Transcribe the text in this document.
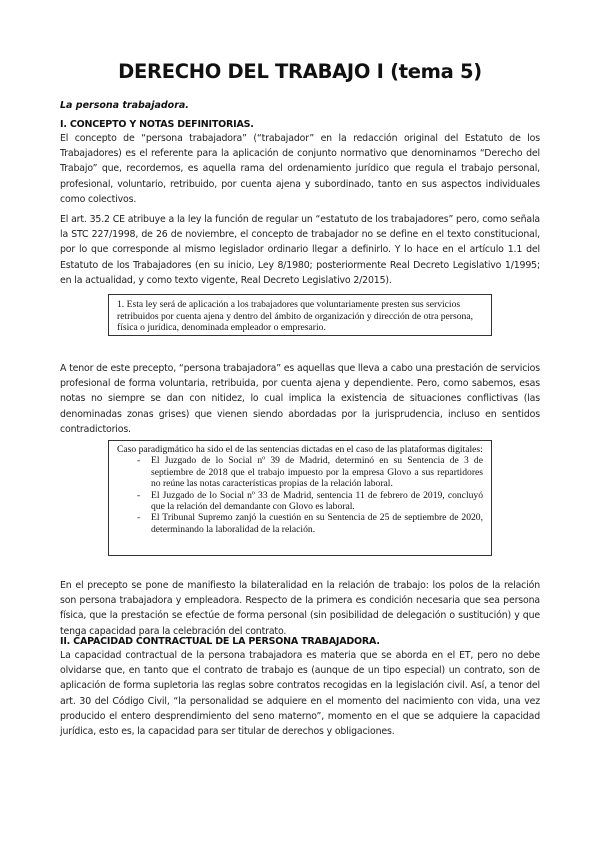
DERECHO DEL TRABAJO I (tema 5)
La persona trabajadora.
I. CONCEPTO Y NOTAS DEFINITORIAS.

El concepto de “persona trabajadora” (“trabajador” en la redacción original del Estatuto de los Trabajadores) es el referente para la aplicación de conjunto normativo que denominamos “Derecho del Trabajo” que, recordemos, es aquella rama del ordenamiento jurídico que regula el trabajo personal, profesional, voluntario, retribuido, por cuenta ajena y subordinado, tanto en sus aspectos individuales como colectivos.

El art. 35.2 CE atribuye a la ley la función de regular un “estatuto de los trabajadores” pero, como señala la STC 227/1998, de 26 de noviembre, el concepto de trabajador no se define en el texto constitucional, por lo que corresponde al mismo legislador ordinario llegar a definirlo. Y lo hace en el artículo 1.1 del Estatuto de los Trabajadores (en su inicio, Ley 8/1980; posteriormente Real Decreto Legislativo 1/1995; en la actualidad, y como texto vigente, Real Decreto Legislativo 2/2015).

1. Esta ley será de aplicación a los trabajadores que voluntariamente presten sus servicios retribuidos por cuenta ajena y dentro del ámbito de organización y dirección de otra persona, física o jurídica, denominada empleador o empresario.

A tenor de este precepto, “persona trabajadora” es aquellas que lleva a cabo una prestación de servicios profesional de forma voluntaria, retribuida, por cuenta ajena y dependiente. Pero, como sabemos, esas notas no siempre se dan con nitidez, lo cual implica la existencia de situaciones conflictivas (las denominadas zonas grises) que vienen siendo abordadas por la jurisprudencia, incluso en sentidos contradictorios.

Caso paradigmático ha sido el de las sentencias dictadas en el caso de las plataformas digitales:
- El Juzgado de lo Social nº 39 de Madrid, determinó en su Sentencia de 3 de septiembre de 2018 que el trabajo impuesto por la empresa Glovo a sus repartidores no reúne las notas características propias de la relación laboral.
- El Juzgado de lo Social nº 33 de Madrid, sentencia 11 de febrero de 2019, concluyó que la relación del demandante con Glovo es laboral.
- El Tribunal Supremo zanjó la cuestión en su Sentencia de 25 de septiembre de 2020, determinando la laboralidad de la relación.

En el precepto se pone de manifiesto la bilateralidad en la relación de trabajo: los polos de la relación son persona trabajadora y empleadora. Respecto de la primera es condición necesaria que sea persona física, que la prestación se efectúe de forma personal (sin posibilidad de delegación o sustitución) y que tenga capacidad para la celebración del contrato.

II. CAPACIDAD CONTRACTUAL DE LA PERSONA TRABAJADORA.

La capacidad contractual de la persona trabajadora es materia que se aborda en el ET, pero no debe olvidarse que, en tanto que el contrato de trabajo es (aunque de un tipo especial) un contrato, son de aplicación de forma supletoria las reglas sobre contratos recogidas en la legislación civil. Así, a tenor del art. 30 del Código Civil, “la personalidad se adquiere en el momento del nacimiento con vida, una vez producido el entero desprendimiento del seno materno”, momento en el que se adquiere la capacidad jurídica, esto es, la capacidad para ser titular de derechos y obligaciones.
